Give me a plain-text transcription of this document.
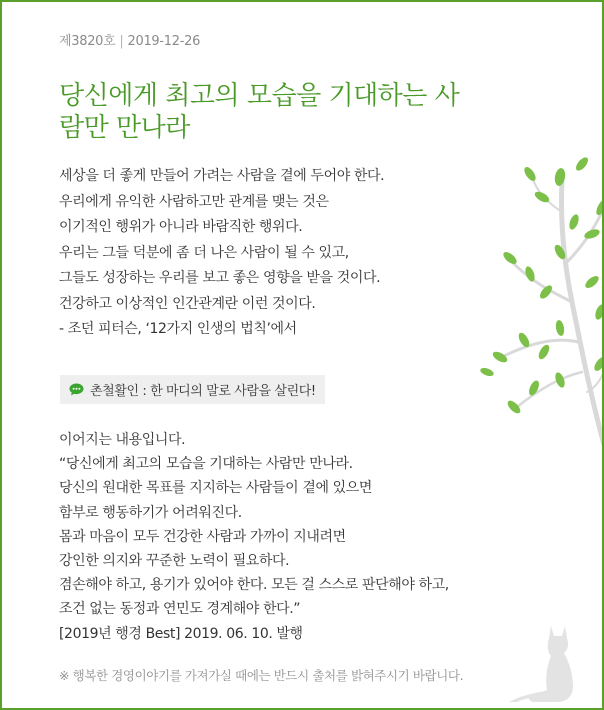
제3820호 | 2019-12-26
당신에게 최고의 모습을 기대하는 사
람만 만나라
세상을 더 좋게 만들어 가려는 사람을 곁에 두어야 한다.
우리에게 유익한 사람하고만 관계를 맺는 것은
이기적인 행위가 아니라 바람직한 행위다.
우리는 그들 덕분에 좀 더 나은 사람이 될 수 있고,
그들도 성장하는 우리를 보고 좋은 영향을 받을 것이다.
건강하고 이상적인 인간관계란 이런 것이다.
- 조던 피터슨, ‘12가지 인생의 법칙’에서
촌철활인 : 한 마디의 말로 사람을 살린다!
이어지는 내용입니다.
“당신에게 최고의 모습을 기대하는 사람만 만나라.
당신의 원대한 목표를 지지하는 사람들이 곁에 있으면
함부로 행동하기가 어려워진다.
몸과 마음이 모두 건강한 사람과 가까이 지내려면
강인한 의지와 꾸준한 노력이 필요하다.
겸손해야 하고, 용기가 있어야 한다. 모든 걸 스스로 판단해야 하고,
조건 없는 동정과 연민도 경계해야 한다.”
[2019년 행경 Best] 2019. 06. 10. 발행
※ 행복한 경영이야기를 가져가실 때에는 반드시 출처를 밝혀주시기 바랍니다.
